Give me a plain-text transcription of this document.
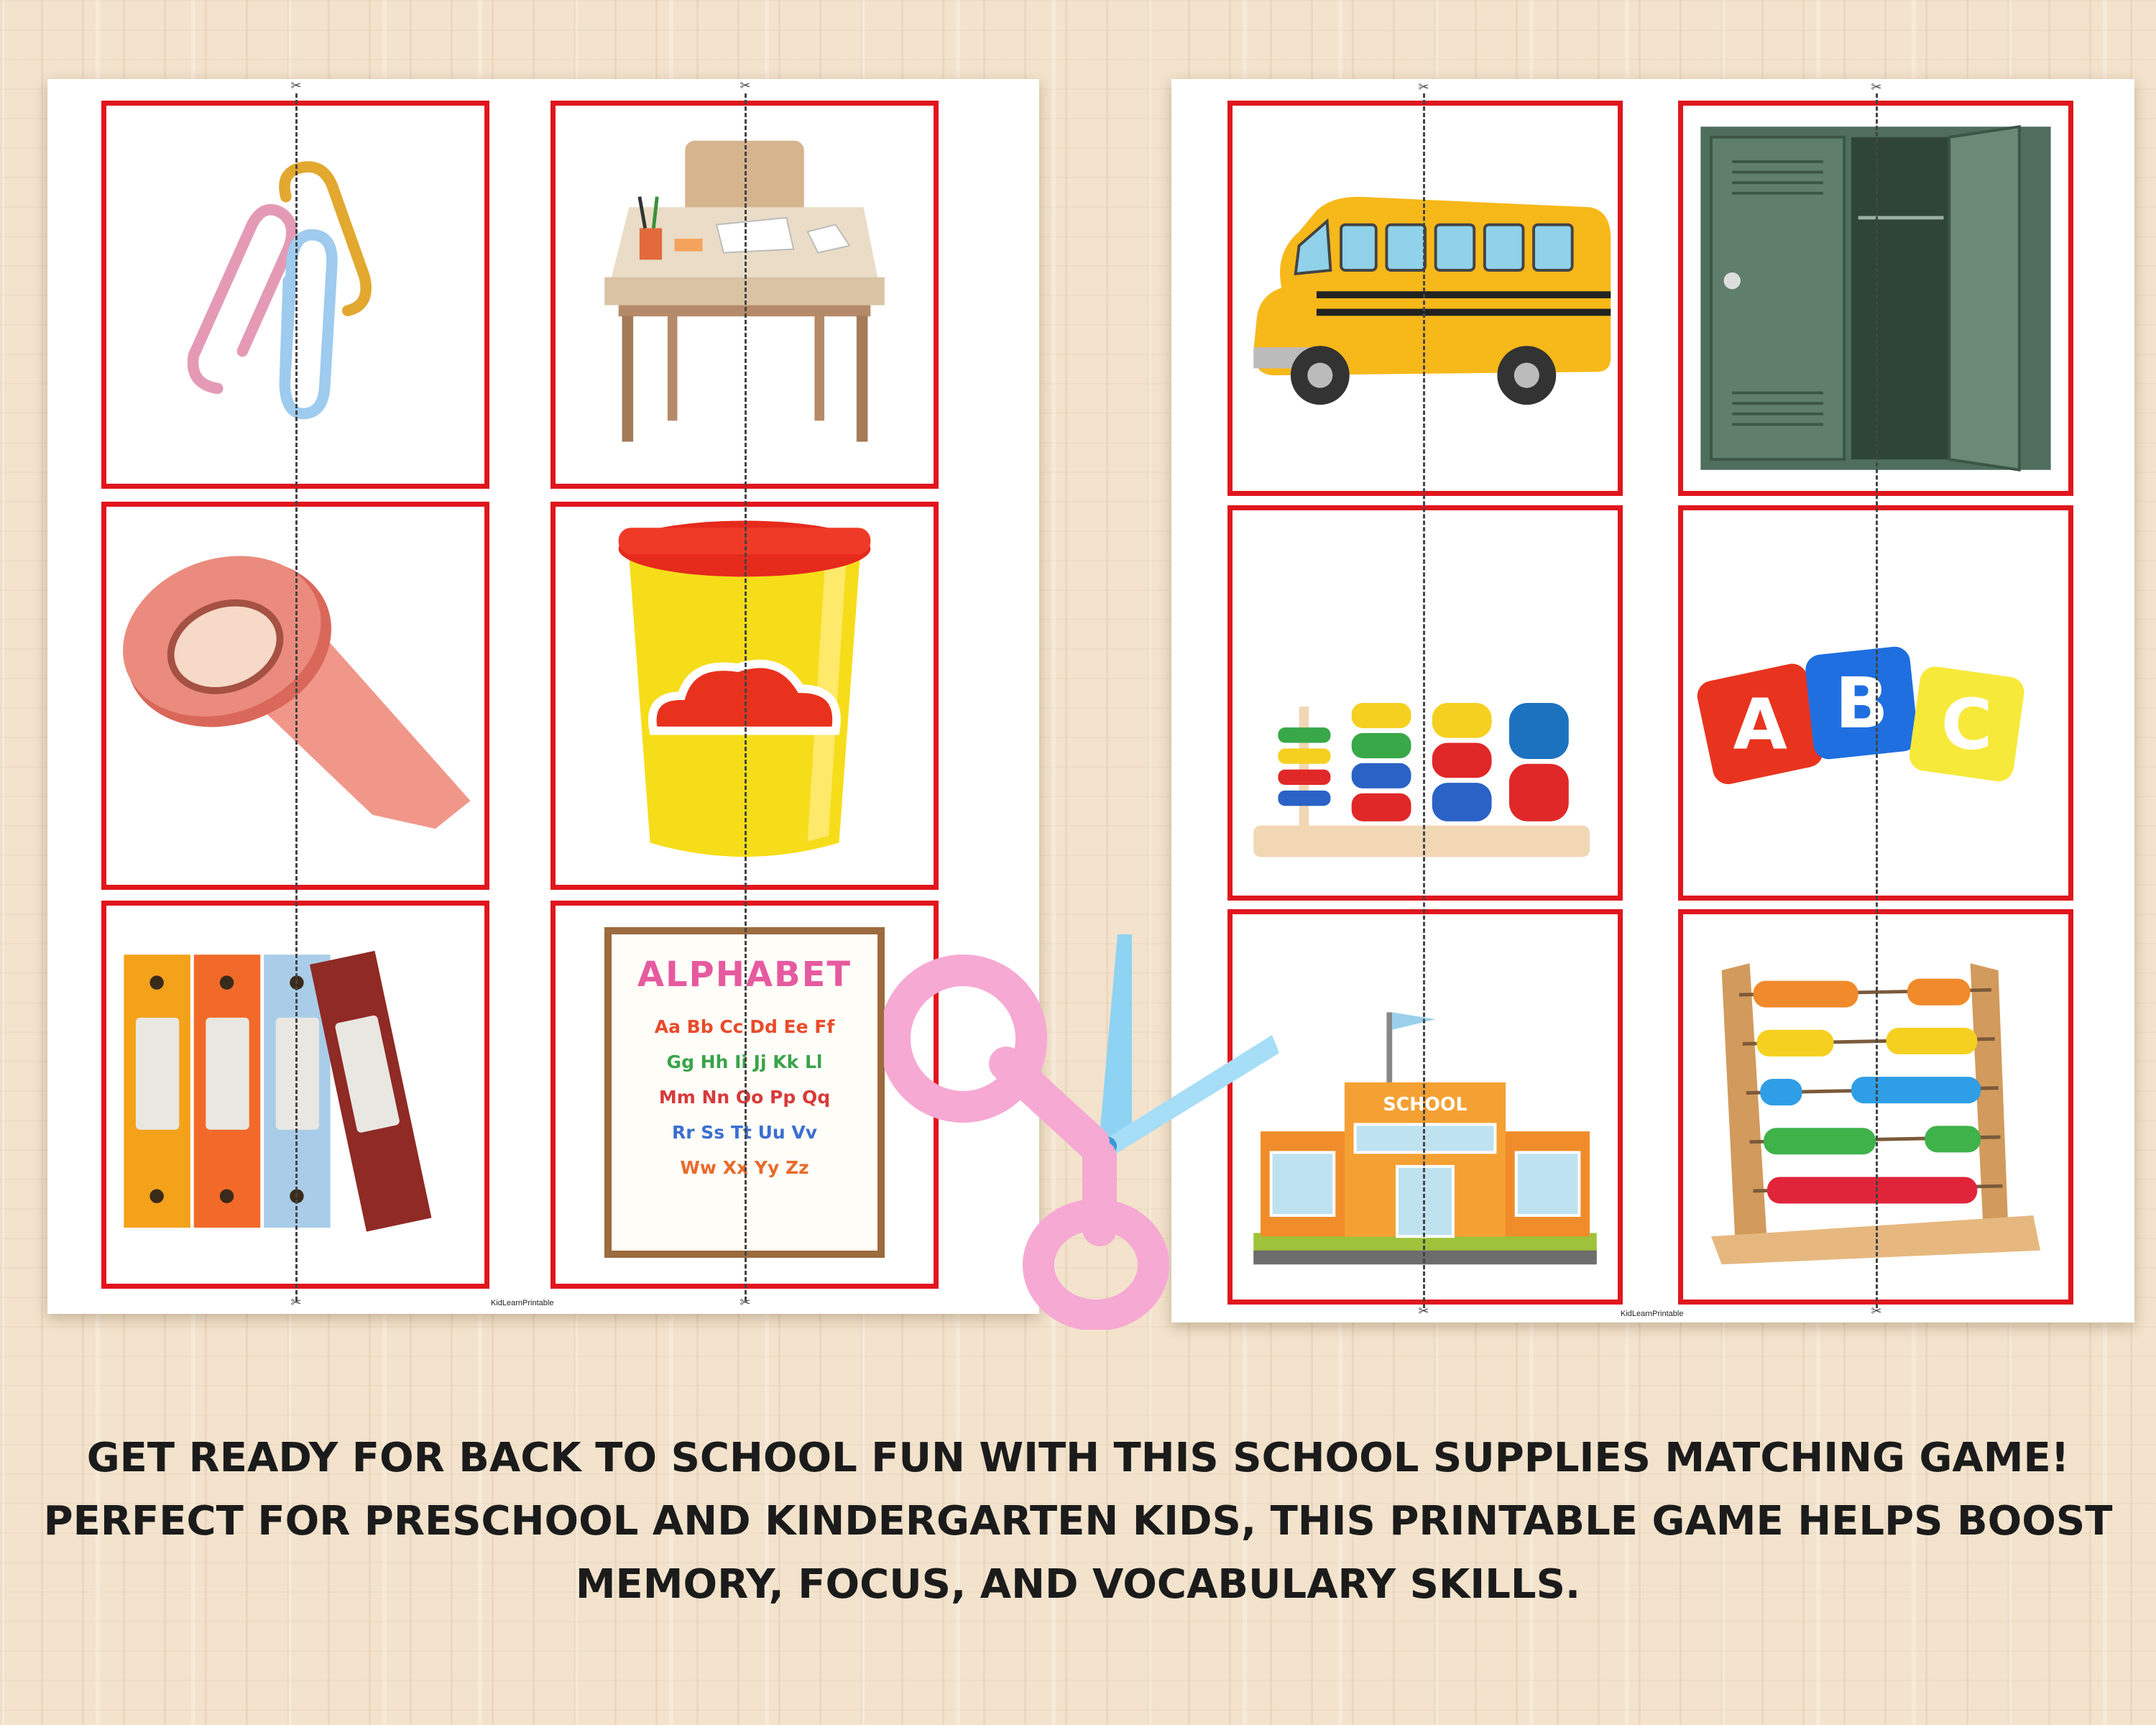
ALPHABET
Aa Bb Cc Dd Ee Ff
Gg Hh Ii Jj Kk Ll
Mm Nn Oo Pp Qq
Rr Ss Tt Uu Vv
Ww Xx Yy Zz
✂	✂
✂	✂
KidLearnPrintable
A B C
SCHOOL
✂	✂
✂	✂
KidLearnPrintable
GET READY FOR BACK TO SCHOOL FUN WITH THIS SCHOOL SUPPLIES MATCHING GAME!
PERFECT FOR PRESCHOOL AND KINDERGARTEN KIDS, THIS PRINTABLE GAME HELPS BOOST
MEMORY, FOCUS, AND VOCABULARY SKILLS.
